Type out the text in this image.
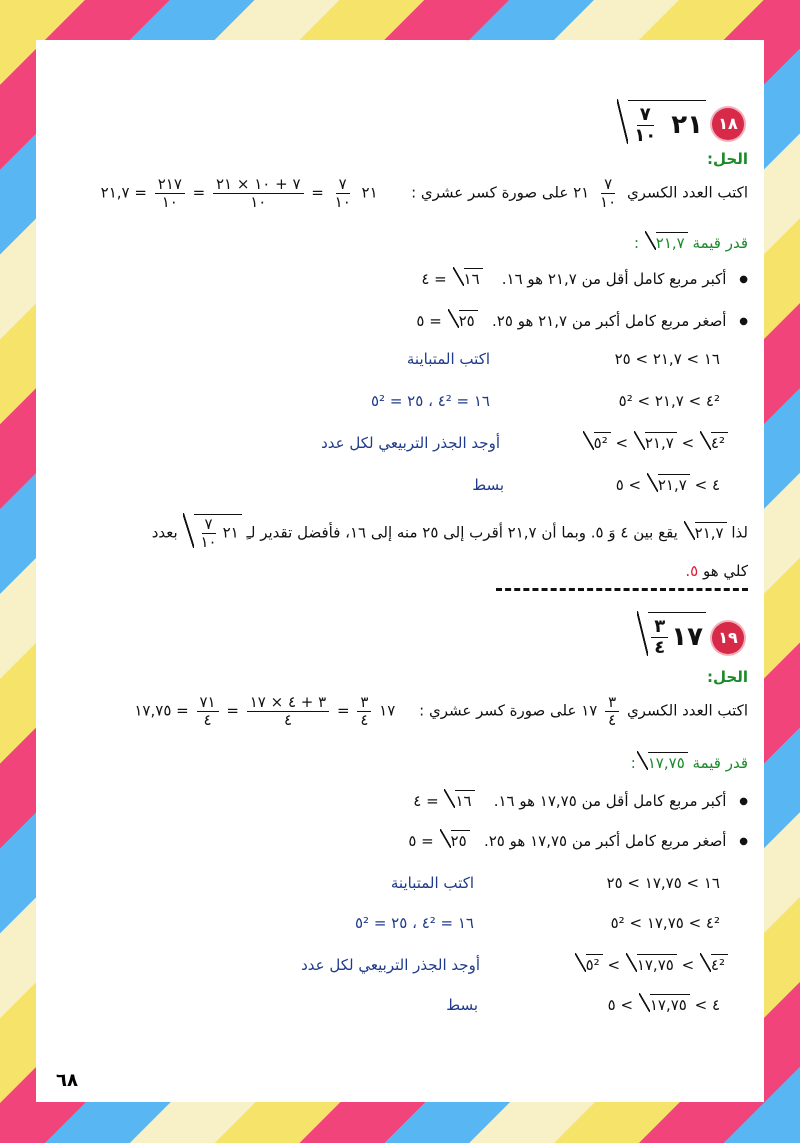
١٨
٢١
$\frac{٧}{١٠}$
الحل:
اكتب العدد الكسري
$\frac{٧}{١٠}$
٢١ على صورة كسر عشري :       ٢١
$\frac{٧}{١٠}$
=
$\frac{٧ + ١٠ \times ٢١}{١٠}$
=
$\frac{٢١٧}{١٠}$
= ٢١,٧
قدر قيمة ٢١,٧ :
● أكبر مربع كامل أقل من ٢١,٧ هو ١٦.    ١٦ = ٤
● أصغر مربع كامل أكبر من ٢١,٧ هو ٢٥.   ٢٥ = ٥
١٦ > ٢١,٧ > ٢٥
اكتب المتباينة
٤² > ٢١,٧ > ٥²
١٦ = ٤² ، ٢٥ = ٥²
٤² > ٢١,٧ > ٥²
أوجد الجذر التربيعي لكل عدد
٤ > ٢١,٧ > ٥
بسط
لذا ٢١,٧ يقع بين ٤ وَ ٥. وبما أن ٢١,٧ أقرب إلى ٢٥ منه إلى ١٦، فأفضل تقدير لـِ ٢١
$\frac{٧}{١٠}$
بعدد
كلي هو ٥.
١٩
١٧
$\frac{٣}{٤}$
الحل:
اكتب العدد الكسري
$\frac{٣}{٤}$
١٧ على صورة كسر عشري :     ١٧
$\frac{٣}{٤}$
=
$\frac{٣ + ٤ \times ١٧}{٤}$
=
$\frac{٧١}{٤}$
= ١٧,٧٥
قدر قيمة ١٧,٧٥:
● أكبر مربع كامل أقل من ١٧,٧٥ هو ١٦.    ١٦ = ٤
● أصغر مربع كامل أكبر من ١٧,٧٥ هو ٢٥.   ٢٥ = ٥
١٦ > ١٧,٧٥ > ٢٥
اكتب المتباينة
٤² > ١٧,٧٥ > ٥²
١٦ = ٤² ، ٢٥ = ٥²
٤² > ١٧,٧٥ > ٥²
أوجد الجذر التربيعي لكل عدد
٤ > ١٧,٧٥ > ٥
بسط
٦٨
